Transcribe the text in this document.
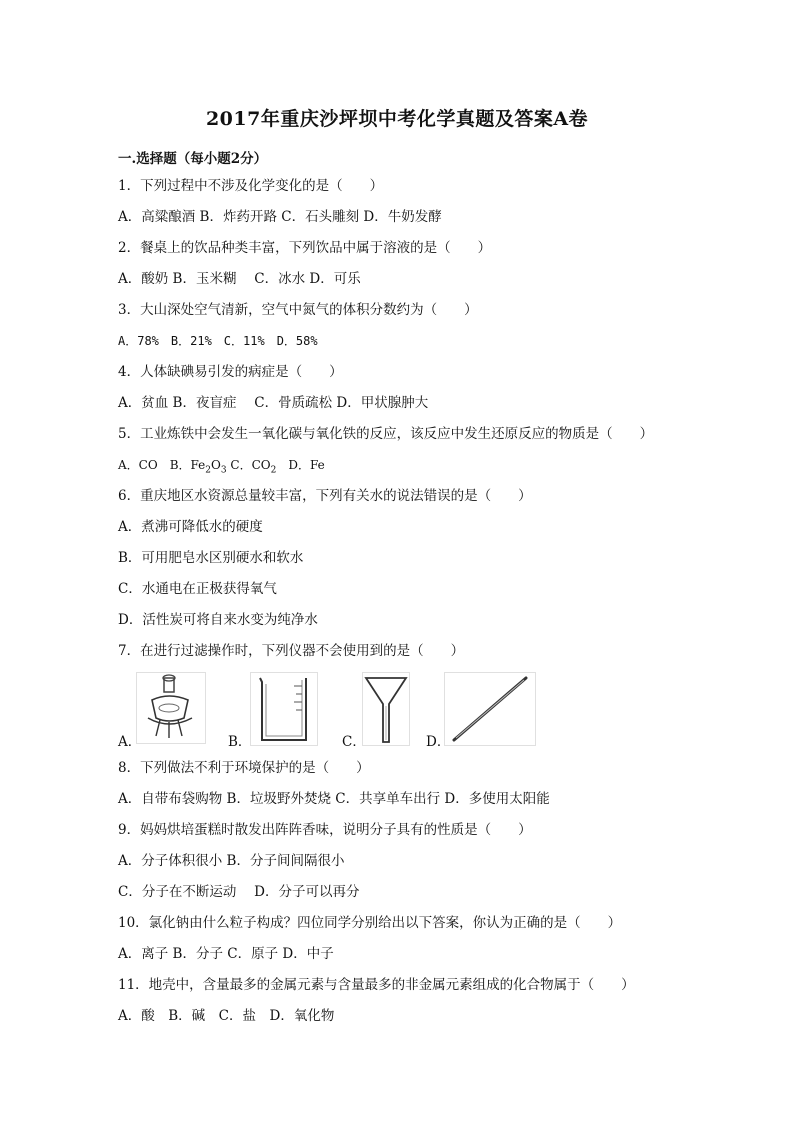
2017年重庆沙坪坝中考化学真题及答案A卷
一.选择题（每小题2分）
1．下列过程中不涉及化学变化的是（　　）
A．高粱酿酒 B．炸药开路 C．石头雕刻 D．牛奶发酵
2．餐桌上的饮品种类丰富，下列饮品中属于溶液的是（　　）
A．酸奶 B．玉米糊　 C．冰水 D．可乐
3．大山深处空气清新，空气中氮气的体积分数约为（　　）
A．78%　B．21%　C．11%　D．58%
4．人体缺碘易引发的病症是（　　）
A．贫血 B．夜盲症　 C．骨质疏松 D．甲状腺肿大
5．工业炼铁中会发生一氧化碳与氧化铁的反应，该反应中发生还原反应的物质是（　　）
A．CO　B．$Fe_2O_3$ C．$CO_2$　D．Fe
6．重庆地区水资源总量较丰富，下列有关水的说法错误的是（　　）
A．煮沸可降低水的硬度
B．可用肥皂水区别硬水和软水
C．水通电在正极获得氧气
D．活性炭可将自来水变为纯净水
7．在进行过滤操作时，下列仪器不会使用到的是（　　）
A．	B．	C．	D．
8．下列做法不利于环境保护的是（　　）
A．自带布袋购物 B．垃圾野外焚烧 C．共享单车出行 D．多使用太阳能
9．妈妈烘培蛋糕时散发出阵阵香味，说明分子具有的性质是（　　）
A．分子体积很小 B．分子间间隔很小
C．分子在不断运动　 D．分子可以再分
10．氯化钠由什么粒子构成？四位同学分别给出以下答案，你认为正确的是（　　）
A．离子 B．分子 C．原子 D．中子
11．地壳中，含量最多的金属元素与含量最多的非金属元素组成的化合物属于（　　）
A．酸　B．碱　C．盐　D．氧化物
